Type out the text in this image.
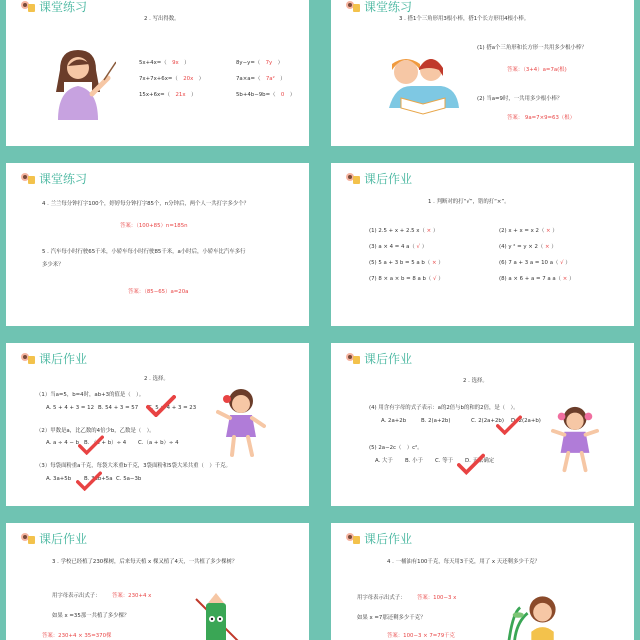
课堂练习
2 . 写出得数。
5x+4x=（　9x　）	8y−y=（　7y　）
7x+7x+6x=（　20x　）	7a×a=（　7a²　）
15x+6x=（　21x　）	5b+4b−9b=（　0　）
课堂练习
3 . 搭1个三角形用3根小棒，搭1个长方形用4根小棒。
(1) 搭a个三角形和长方形一共用多少根小棒？
答案：（3+4）a=7a(根)
(2) 当a=9时，一共用多少根小棒？
答案： 9a=7×9=63（根）
课堂练习
4 . 兰兰每分钟打字100个，婷婷每分钟打字85个，n分钟后，两个人一共打字多少个？
答案：（100+85）n=185n
5 . 汽车每小时行驶65千米，小轿车每小时行驶85千米，a小时后，小轿车比汽车多行
多少米？
答案：（85−65）a=20a
课后作业
1 . 判断对的打“√”，错的打“×”。
(1) 2.5 + x + 2.5 x（ × ）	(2) x + x = x 2（ × ）
(3) a × 4 = 4 a（ √ ）	(4) y ² = y × 2（ × ）
(5) 5 a + 3 b = 5 a b（ × ）	(6) 7 a + 3 a = 10 a（ √ ）
(7) 8 × a × b = 8 a b（ √ ）	(8) a × 6 + a = 7 a a（ × ）
课后作业
2 . 选择。
（1）当a=5，b=4时，ab+3的值是（　）。
A. 5 + 4 + 3 = 12 B. 54 + 3 = 57 C. 5 × 4 + 3 = 23
（2）甲数是a，比乙数的4倍少b，乙数是（　）。
A. a ÷ 4 − b B. （a + b）÷ 4 C.（a + b）÷ 4
（3）每袋面粉重a千克，每袋大米重b千克，3袋面粉和5袋大米共重（　）千克。
A. 3a+5b B. 3ab+5a C. 5a−3b
课后作业
2 . 选择。
(4) 用含有字母的式子表示：a的2倍与b的和的2倍，是（　）。
A. 2a+2b	B. 2(a+2b)	C. 2(2a+2b) D. 2(2a+b)
(5) 2a−2c（　）c²。
A. 大于 B. 小于 C. 等于 D. 无法确定
课后作业
3 . 学校已经植了230棵树，后来每天植 x 棵又植了4天，一共植了多少棵树？
用字母表示出式子： 答案：230+4 x
如果 x =35那一共植了多少棵？
答案：230+4 × 35=370棵
课后作业
4 . 一桶油有100千克，每天用3千克，用了 x 天还剩多少千克？
用字母表示出式子： 答案：100−3 x
如果 x =7那还剩多少千克？
答案：100−3 × 7=79千克
